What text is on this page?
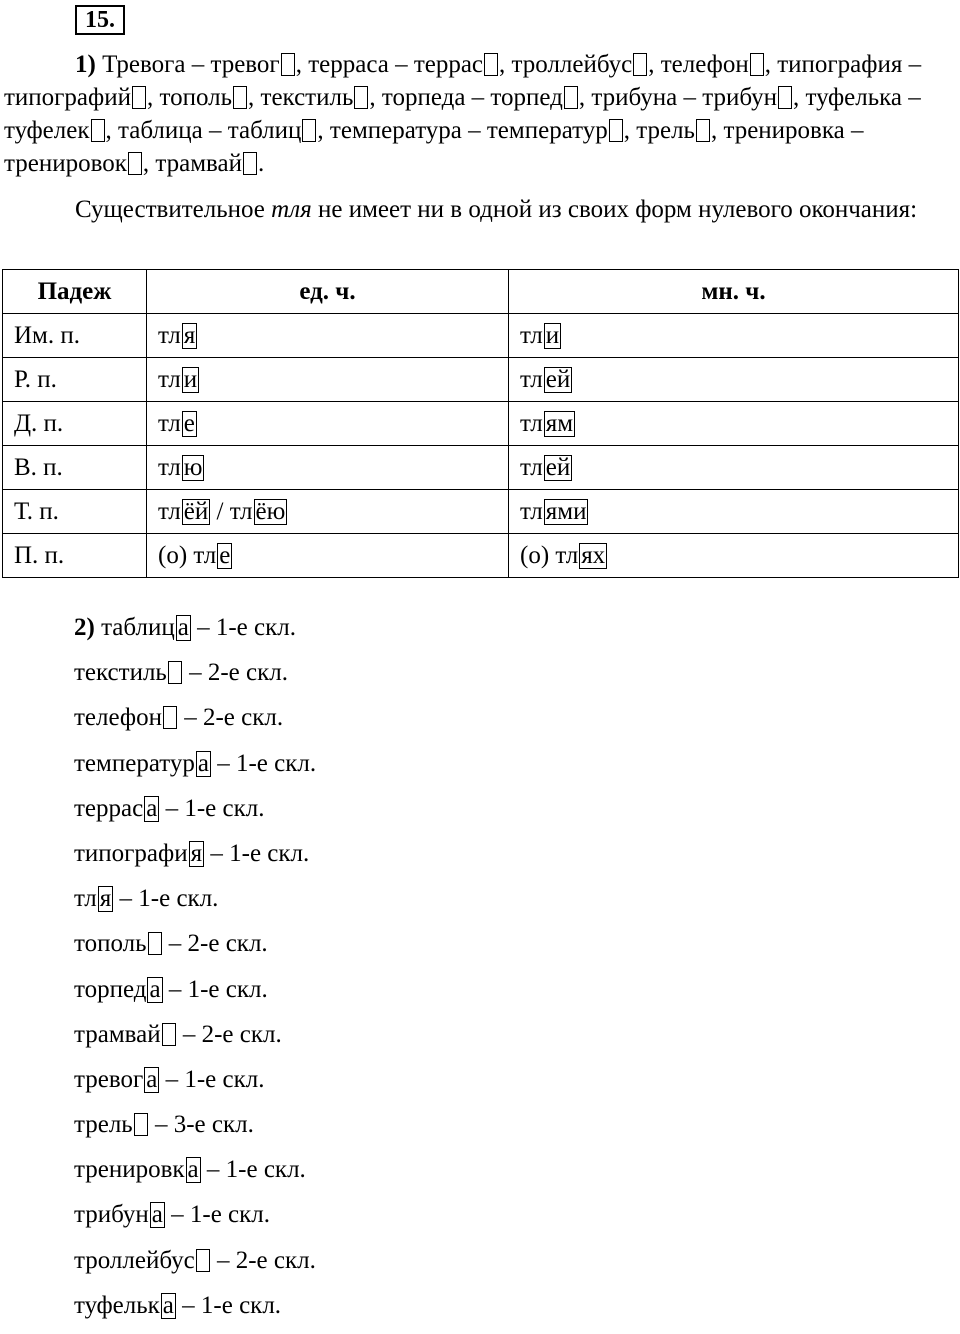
15.

1) Тревога – тревог , терраса – террас , троллейбус , телефон , типография – типографий , тополь , текстиль , торпеда – торпед , трибуна – трибун , туфелька – туфелек , таблица – таблиц , температура – температур , трель , тренировка – тренировок , трамвай .

Существительное тля не имеет ни в одной из своих форм нулевого окончания:

Падеж	ед. ч.	мн. ч.
Им. п.	тл я	тл и
Р. п.	тл и	тл ей
Д. п.	тл е	тл ям
В. п.	тл ю	тл ей
Т. п.	тл ёй / тл ёю	тл ями
П. п.	(о) тл е	(о) тл ях
2) таблиц а – 1-е скл.
текстиль – 2-е скл.
телефон – 2-е скл.
температур а – 1-е скл.
террас а – 1-е скл.
типографи я – 1-е скл.
тл я – 1-е скл.
тополь – 2-е скл.
торпед а – 1-е скл.
трамвай – 2-е скл.
тревог а – 1-е скл.
трель – 3-е скл.
тренировк а – 1-е скл.
трибун а – 1-е скл.
троллейбус – 2-е скл.
туфельк а – 1-е скл.
